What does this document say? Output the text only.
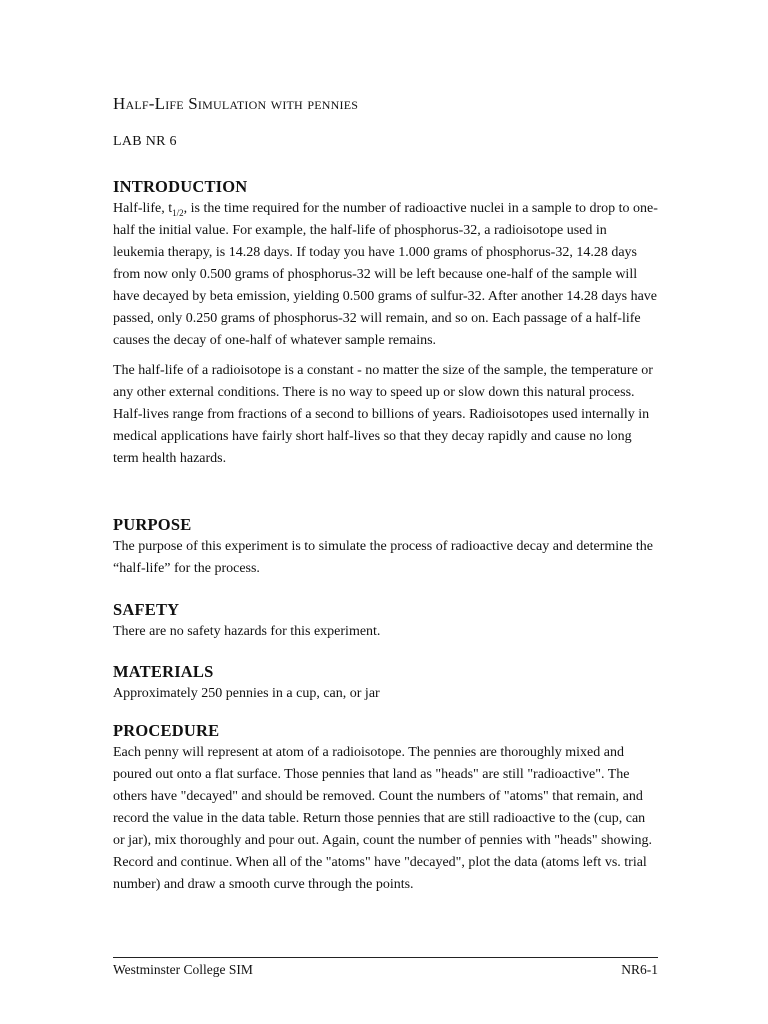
Half-Life Simulation with pennies
LAB NR 6
INTRODUCTION

Half-life, $t_{1/2}$, is the time required for the number of radioactive nuclei in a sample to drop to one-half the initial value. For example, the half-life of phosphorus-32, a radioisotope used in leukemia therapy, is 14.28 days. If today you have 1.000 grams of phosphorus-32, 14.28 days from now only 0.500 grams of phosphorus-32 will be left because one-half of the sample will have decayed by beta emission, yielding 0.500 grams of sulfur-32. After another 14.28 days have passed, only 0.250 grams of phosphorus-32 will remain, and so on. Each passage of a half-life causes the decay of one-half of whatever sample remains.

The half-life of a radioisotope is a constant - no matter the size of the sample, the temperature or any other external conditions. There is no way to speed up or slow down this natural process. Half-lives range from fractions of a second to billions of years. Radioisotopes used internally in medical applications have fairly short half-lives so that they decay rapidly and cause no long term health hazards.

PURPOSE

The purpose of this experiment is to simulate the process of radioactive decay and determine the “half-life” for the process.

SAFETY

There are no safety hazards for this experiment.

MATERIALS

Approximately 250 pennies in a cup, can, or jar

PROCEDURE

Each penny will represent at atom of a radioisotope. The pennies are thoroughly mixed and poured out onto a flat surface. Those pennies that land as "heads" are still "radioactive". The others have "decayed" and should be removed. Count the numbers of "atoms" that remain, and record the value in the data table. Return those pennies that are still radioactive to the (cup, can or jar), mix thoroughly and pour out. Again, count the number of pennies with "heads" showing. Record and continue. When all of the "atoms" have "decayed", plot the data (atoms left vs. trial number) and draw a smooth curve through the points.

Westminster College SIM	NR6-1
